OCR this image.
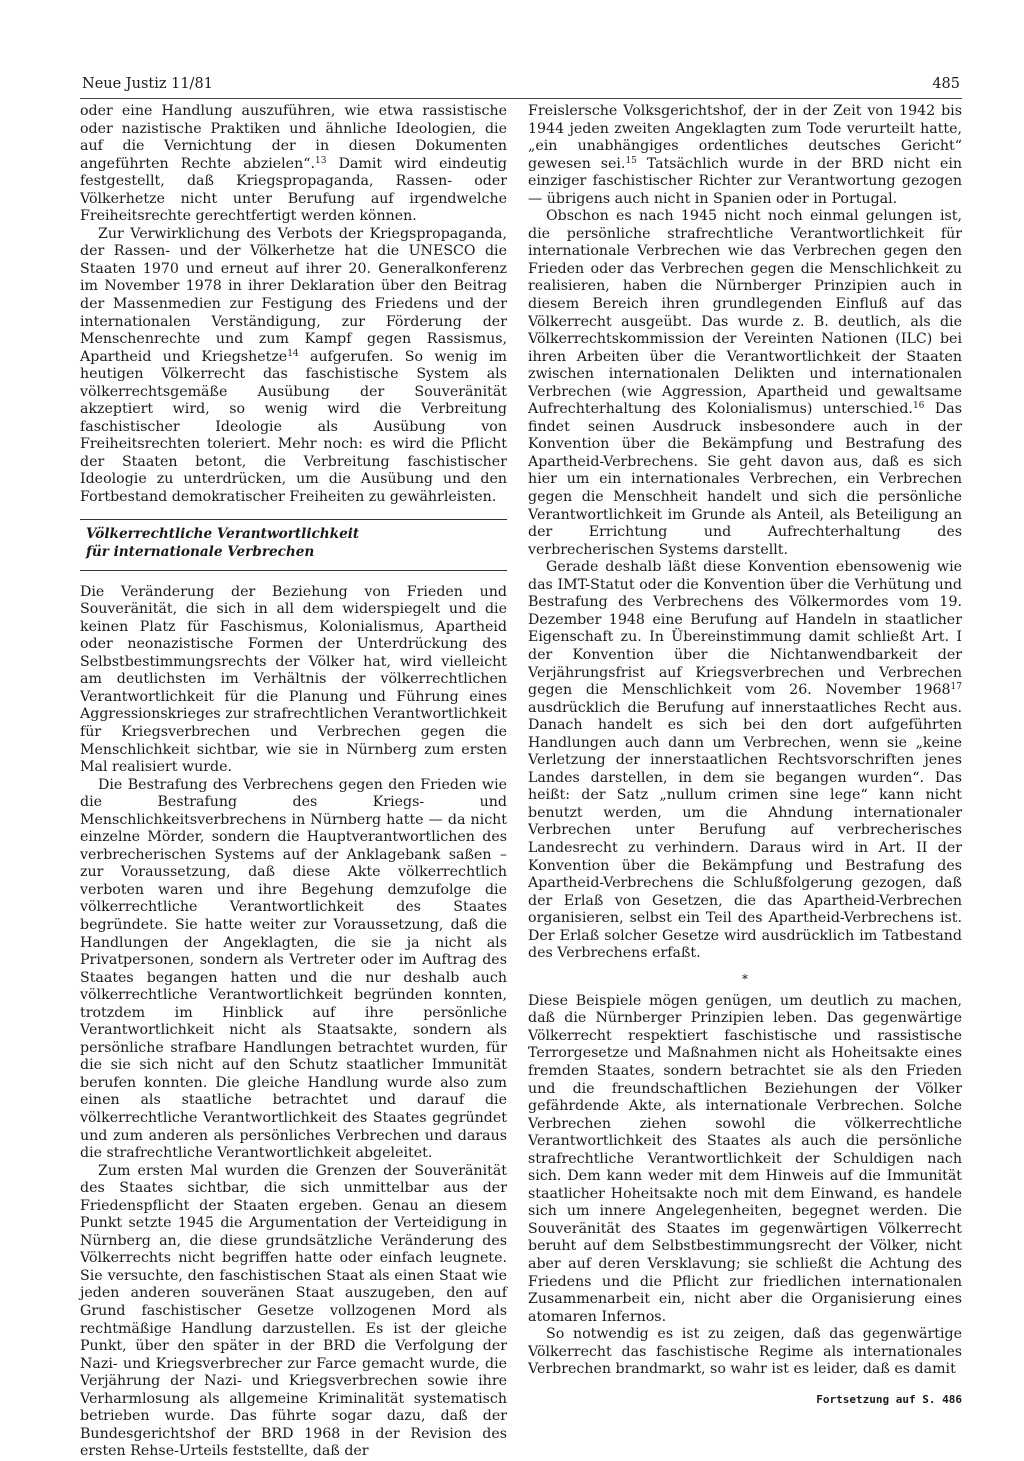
Neue Justiz 11/81	485

oder eine Handlung auszuführen, wie etwa rassistische oder nazistische Praktiken und ähnliche Ideologien, die auf die Vernichtung der in diesen Dokumenten angeführten Rechte abzielen“.$^{13}$ Damit wird eindeutig festgestellt, daß Kriegspropaganda, Rassen- oder Völkerhetze nicht unter Berufung auf irgendwelche Freiheitsrechte gerechtfertigt werden können.

Zur Verwirklichung des Verbots der Kriegspropaganda, der Rassen- und der Völkerhetze hat die UNESCO die Staaten 1970 und erneut auf ihrer 20. Generalkonferenz im November 1978 in ihrer Deklaration über den Beitrag der Massenmedien zur Festigung des Friedens und der internationalen Verständigung, zur Förderung der Menschenrechte und zum Kampf gegen Rassismus, Apartheid und Kriegshetze$^{14}$ aufgerufen. So wenig im heutigen Völkerrecht das faschistische System als völkerrechtsgemäße Ausübung der Souveränität akzeptiert wird, so wenig wird die Verbreitung faschistischer Ideologie als Ausübung von Freiheitsrechten toleriert. Mehr noch: es wird die Pflicht der Staaten betont, die Verbreitung faschistischer Ideologie zu unterdrücken, um die Ausübung und den Fortbestand demokratischer Freiheiten zu gewährleisten.

Völkerrechtliche Verantwortlichkeit
für internationale Verbrechen

Die Veränderung der Beziehung von Frieden und Souveränität, die sich in all dem widerspiegelt und die keinen Platz für Faschismus, Kolonialismus, Apartheid oder neonazistische Formen der Unterdrückung des Selbstbestimmungsrechts der Völker hat, wird vielleicht am deutlichsten im Verhältnis der völkerrechtlichen Verantwortlichkeit für die Planung und Führung eines Aggressionskrieges zur strafrechtlichen Verantwortlichkeit für Kriegsverbrechen und Verbrechen gegen die Menschlichkeit sichtbar, wie sie in Nürnberg zum ersten Mal realisiert wurde.

Die Bestrafung des Verbrechens gegen den Frieden wie die Bestrafung des Kriegs- und Menschlichkeitsverbrechens in Nürnberg hatte — da nicht einzelne Mörder, sondern die Hauptverantwortlichen des verbrecherischen Systems auf der Anklagebank saßen – zur Voraussetzung, daß diese Akte völkerrechtlich verboten waren und ihre Begehung demzufolge die völkerrechtliche Verantwortlichkeit des Staates begründete. Sie hatte weiter zur Voraussetzung, daß die Handlungen der Angeklagten, die sie ja nicht als Privatpersonen, sondern als Vertreter oder im Auftrag des Staates begangen hatten und die nur deshalb auch völkerrechtliche Verantwortlichkeit begründen konnten, trotzdem im Hinblick auf ihre persönliche Verantwortlichkeit nicht als Staatsakte, sondern als persönliche strafbare Handlungen betrachtet wurden, für die sie sich nicht auf den Schutz staatlicher Immunität berufen konnten. Die gleiche Handlung wurde also zum einen als staatliche betrachtet und darauf die völkerrechtliche Verantwortlichkeit des Staates gegründet und zum anderen als persönliches Verbrechen und daraus die strafrechtliche Verantwortlichkeit abgeleitet.

Zum ersten Mal wurden die Grenzen der Souveränität des Staates sichtbar, die sich unmittelbar aus der Friedenspflicht der Staaten ergeben. Genau an diesem Punkt setzte 1945 die Argumentation der Verteidigung in Nürnberg an, die diese grundsätzliche Veränderung des Völkerrechts nicht begriffen hatte oder einfach leugnete. Sie versuchte, den faschistischen Staat als einen Staat wie jeden anderen souveränen Staat auszugeben, den auf Grund faschistischer Gesetze vollzogenen Mord als rechtmäßige Handlung darzustellen. Es ist der gleiche Punkt, über den später in der BRD die Verfolgung der Nazi- und Kriegsverbrecher zur Farce gemacht wurde, die Verjährung der Nazi- und Kriegsverbrechen sowie ihre Verharmlosung als allgemeine Kriminalität systematisch betrieben wurde. Das führte sogar dazu, daß der Bundesgerichtshof der BRD 1968 in der Revision des ersten Rehse-Urteils feststellte, daß der

Freislersche Volksgerichtshof, der in der Zeit von 1942 bis 1944 jeden zweiten Angeklagten zum Tode verurteilt hatte, „ein unabhängiges ordentliches deutsches Gericht“ gewesen sei.$^{15}$ Tatsächlich wurde in der BRD nicht ein einziger faschistischer Richter zur Verantwortung gezogen — übrigens auch nicht in Spanien oder in Portugal.

Obschon es nach 1945 nicht noch einmal gelungen ist, die persönliche strafrechtliche Verantwortlichkeit für internationale Verbrechen wie das Verbrechen gegen den Frieden oder das Verbrechen gegen die Menschlichkeit zu realisieren, haben die Nürnberger Prinzipien auch in diesem Bereich ihren grundlegenden Einfluß auf das Völkerrecht ausgeübt. Das wurde z. B. deutlich, als die Völkerrechtskommission der Vereinten Nationen (ILC) bei ihren Arbeiten über die Verantwortlichkeit der Staaten zwischen internationalen Delikten und internationalen Verbrechen (wie Aggression, Apartheid und gewaltsame Aufrechterhaltung des Kolonialismus) unterschied.$^{16}$ Das findet seinen Ausdruck insbesondere auch in der Konvention über die Bekämpfung und Bestrafung des Apartheid-Verbrechens. Sie geht davon aus, daß es sich hier um ein internationales Verbrechen, ein Verbrechen gegen die Menschheit handelt und sich die persönliche Verantwortlichkeit im Grunde als Anteil, als Beteiligung an der Errichtung und Aufrechterhaltung des verbrecherischen Systems darstellt.

Gerade deshalb läßt diese Konvention ebensowenig wie das IMT-Statut oder die Konvention über die Verhütung und Bestrafung des Verbrechens des Völkermordes vom 19. Dezember 1948 eine Berufung auf Handeln in staatlicher Eigenschaft zu. In Übereinstimmung damit schließt Art. I der Konvention über die Nichtanwendbarkeit der Verjährungsfrist auf Kriegsverbrechen und Verbrechen gegen die Menschlichkeit vom 26. November 1968$^{17}$ ausdrücklich die Berufung auf innerstaatliches Recht aus. Danach handelt es sich bei den dort aufgeführten Handlungen auch dann um Verbrechen, wenn sie „keine Verletzung der innerstaatlichen Rechtsvorschriften jenes Landes darstellen, in dem sie begangen wurden“. Das heißt: der Satz „nullum crimen sine lege“ kann nicht benutzt werden, um die Ahndung internationaler Verbrechen unter Berufung auf verbrecherisches Landesrecht zu verhindern. Daraus wird in Art. II der Konvention über die Bekämpfung und Bestrafung des Apartheid-Verbrechens die Schlußfolgerung gezogen, daß der Erlaß von Gesetzen, die das Apartheid-Verbrechen organisieren, selbst ein Teil des Apartheid-Verbrechens ist. Der Erlaß solcher Gesetze wird ausdrücklich im Tatbestand des Verbrechens erfaßt.

*

Diese Beispiele mögen genügen, um deutlich zu machen, daß die Nürnberger Prinzipien leben. Das gegenwärtige Völkerrecht respektiert faschistische und rassistische Terrorgesetze und Maßnahmen nicht als Hoheitsakte eines fremden Staates, sondern betrachtet sie als den Frieden und die freundschaftlichen Beziehungen der Völker gefährdende Akte, als internationale Verbrechen. Solche Verbrechen ziehen sowohl die völkerrechtliche Verantwortlichkeit des Staates als auch die persönliche strafrechtliche Verantwortlichkeit der Schuldigen nach sich. Dem kann weder mit dem Hinweis auf die Immunität staatlicher Hoheitsakte noch mit dem Einwand, es handele sich um innere Angelegenheiten, begegnet werden. Die Souveränität des Staates im gegenwärtigen Völkerrecht beruht auf dem Selbstbestimmungsrecht der Völker, nicht aber auf deren Versklavung; sie schließt die Achtung des Friedens und die Pflicht zur friedlichen internationalen Zusammenarbeit ein, nicht aber die Organisierung eines atomaren Infernos.

So notwendig es ist zu zeigen, daß das gegenwärtige Völkerrecht das faschistische Regime als internationales Verbrechen brandmarkt, so wahr ist es leider, daß es damit

Fortsetzung auf S. 486
